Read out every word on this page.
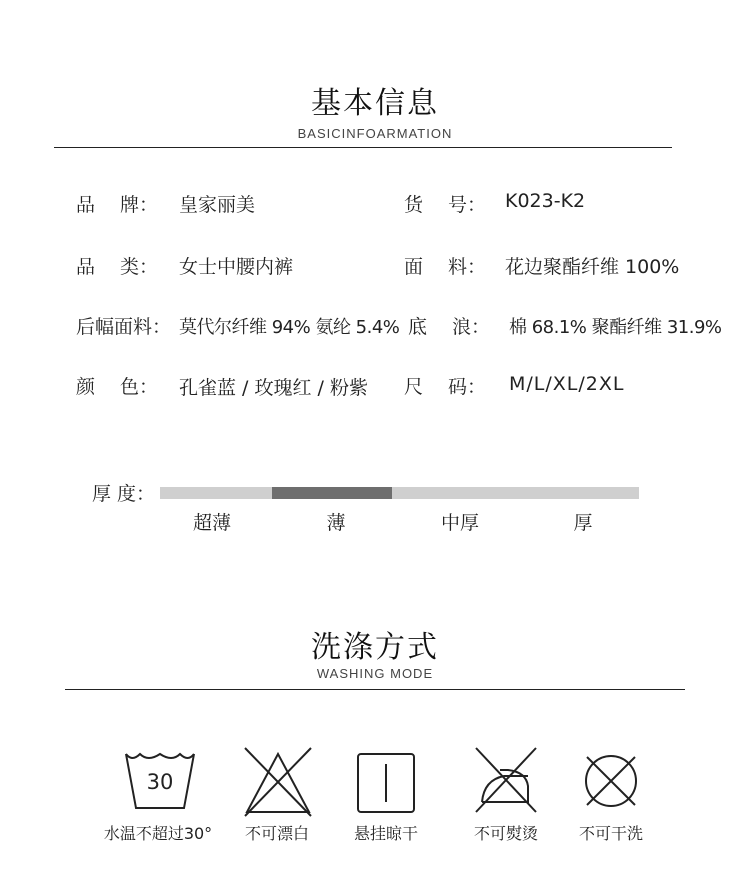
基本信息
BASICINFOARMATION
品　 牌： 皇家丽美	货　 号： K023-K2
品　 类： 女士中腰内裤	面　 料： 花边聚酯纤维 100%
后幅面料： 莫代尔纤维 94% 氨纶 5.4% 底　 浪： 棉 68.1% 聚酯纤维 31.9%
颜　 色： 孔雀蓝 / 玫瑰红 / 粉紫 尺　 码： M/L/XL/2XL
厚 度：
超薄	薄	中厚	厚
洗涤方式
WASHING MODE
30
水温不超过30°	不可漂白	悬挂晾干	不可熨烫	不可干洗
